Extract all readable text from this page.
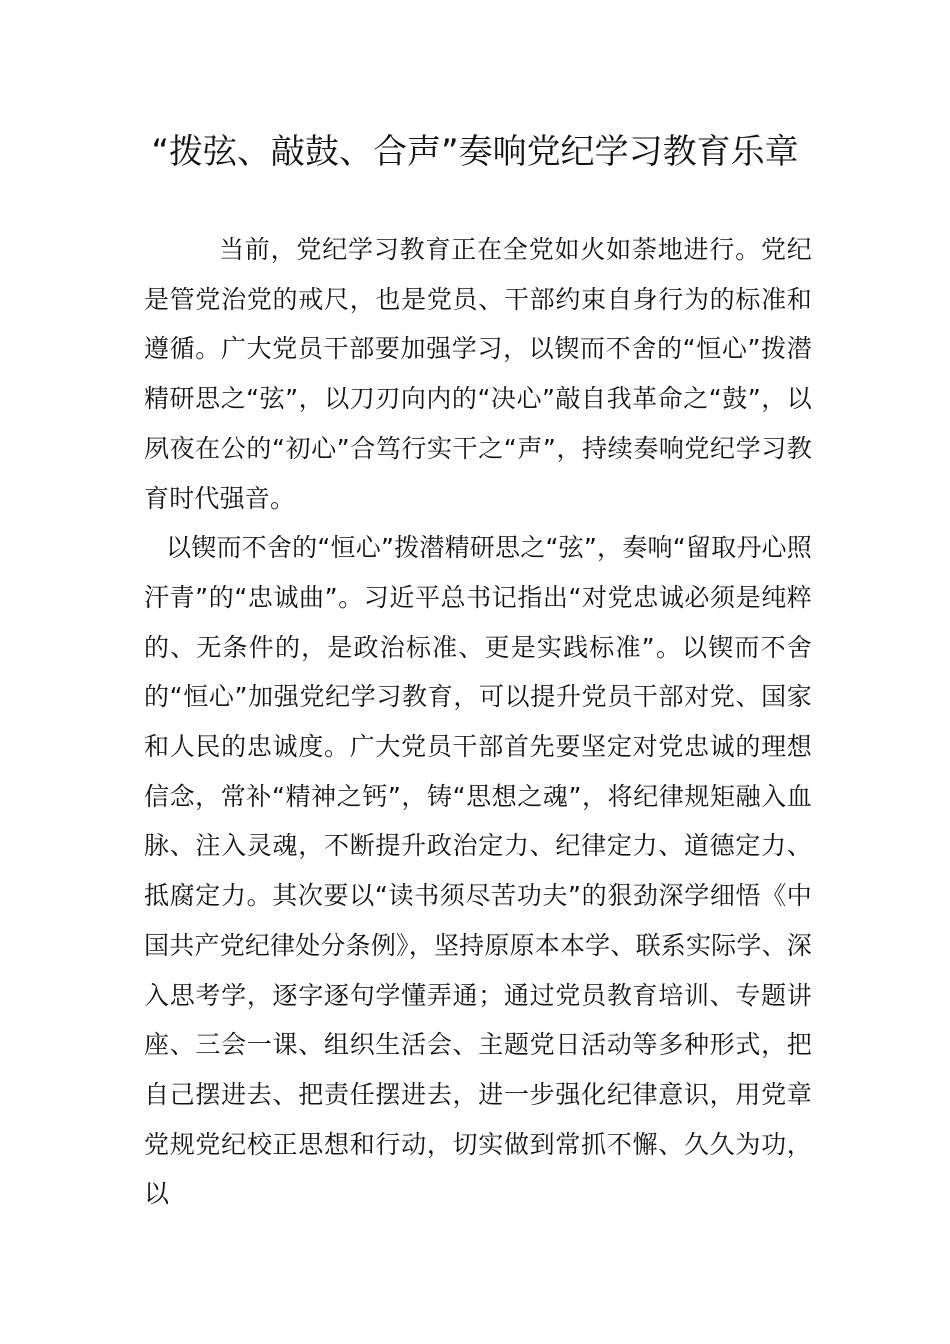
“拨弦、敲鼓、合声”奏响党纪学习教育乐章

当前，党纪学习教育正在全党如火如荼地进行。党纪是管党治党的戒尺，也是党员、干部约束自身行为的标准和遵循。广大党员干部要加强学习，以锲而不舍的“恒心”拨潜精研思之“弦”，以刀刃向内的“决心”敲自我革命之“鼓”，以夙夜在公的“初心”合笃行实干之“声”，持续奏响党纪学习教育时代强音。

以锲而不舍的“恒心”拨潜精研思之“弦”，奏响“留取丹心照汗青”的“忠诚曲”。习近平总书记指出“对党忠诚必须是纯粹的、无条件的，是政治标准、更是实践标准”。以锲而不舍的“恒心”加强党纪学习教育，可以提升党员干部对党、国家和人民的忠诚度。广大党员干部首先要坚定对党忠诚的理想信念，常补“精神之钙”，铸“思想之魂”，将纪律规矩融入血脉、注入灵魂，不断提升政治定力、纪律定力、道德定力、抵腐定力。其次要以“读书须尽苦功夫”的狠劲深学细悟《中国共产党纪律处分条例》，坚持原原本本学、联系实际学、深入思考学，逐字逐句学懂弄通；通过党员教育培训、专题讲座、三会一课、组织生活会、主题党日活动等多种形式，把自己摆进去、把责任摆进去，进一步强化纪律意识，用党章党规党纪校正思想和行动，切实做到常抓不懈、久久为功，以
